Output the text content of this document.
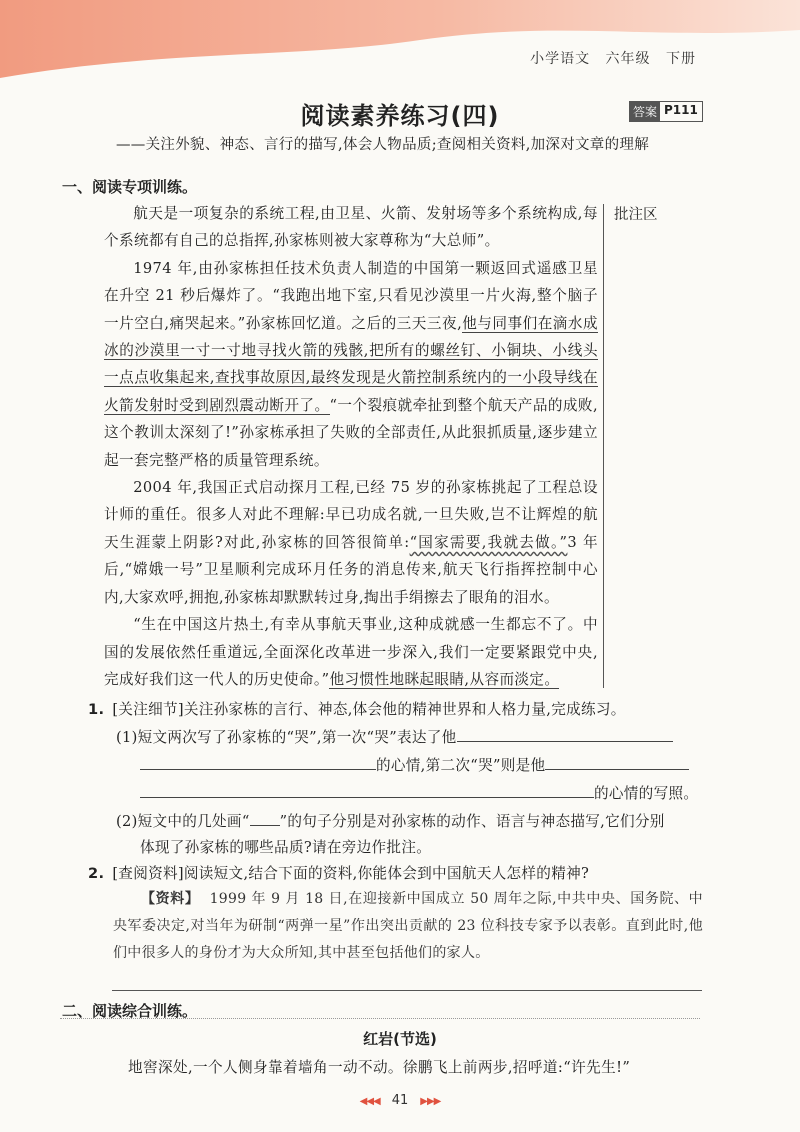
小学语文 六年级 下册
阅读素养练习(四)	答案 P111
——关注外貌、神态、言行的描写,体会人物品质;查阅相关资料,加深对文章的理解
一、阅读专项训练。
批注区

航天是一项复杂的系统工程,由卫星、火箭、发射场等多个系统构成,每个系统都有自己的总指挥,孙家栋则被大家尊称为“大总师”。

1974 年,由孙家栋担任技术负责人制造的中国第一颗返回式遥感卫星在升空 21 秒后爆炸了。“我跑出地下室,只看见沙漠里一片火海,整个脑子一片空白,痛哭起来。”孙家栋回忆道。之后的三天三夜,他与同事们在滴水成冰的沙漠里一寸一寸地寻找火箭的残骸,把所有的螺丝钉、小铜块、小线头一点点收集起来,查找事故原因,最终发现是火箭控制系统内的一小段导线在火箭发射时受到剧烈震动断开了。“一个裂痕就牵扯到整个航天产品的成败,这个教训太深刻了!”孙家栋承担了失败的全部责任,从此狠抓质量,逐步建立起一套完整严格的质量管理系统。

2004 年,我国正式启动探月工程,已经 75 岁的孙家栋挑起了工程总设计师的重任。很多人对此不理解:早已功成名就,一旦失败,岂不让辉煌的航天生涯蒙上阴影?对此,孙家栋的回答很简单:“国家需要,我就去做。”3 年后,“嫦娥一号”卫星顺利完成环月任务的消息传来,航天飞行指挥控制中心内,大家欢呼,拥抱,孙家栋却默默转过身,掏出手绢擦去了眼角的泪水。

“生在中国这片热土,有幸从事航天事业,这种成就感一生都忘不了。中国的发展依然任重道远,全面深化改革进一步深入,我们一定要紧跟党中央,完成好我们这一代人的历史使命。”他习惯性地眯起眼睛,从容而淡定。

1. [关注细节]关注孙家栋的言行、神态,体会他的精神世界和人格力量,完成练习。
(1)短文两次写了孙家栋的“哭”,第一次“哭”表达了他
的心情,第二次“哭”则是他
的心情的写照。
(2)短文中的几处画“ ”的句子分别是对孙家栋的动作、语言与神态描写,它们分别
体现了孙家栋的哪些品质?请在旁边作批注。
2. [查阅资料]阅读短文,结合下面的资料,你能体会到中国航天人怎样的精神?

【资料】 1999 年 9 月 18 日,在迎接新中国成立 50 周年之际,中共中央、国务院、中央军委决定,对当年为研制“两弹一星”作出突出贡献的 23 位科技专家予以表彰。直到此时,他们中很多人的身份才为大众所知,其中甚至包括他们的家人。

二、阅读综合训练。
红岩(节选)
地窖深处,一个人侧身靠着墙角一动不动。徐鹏飞上前两步,招呼道:“许先生!”
◀◀◀ 41 ▶▶▶
